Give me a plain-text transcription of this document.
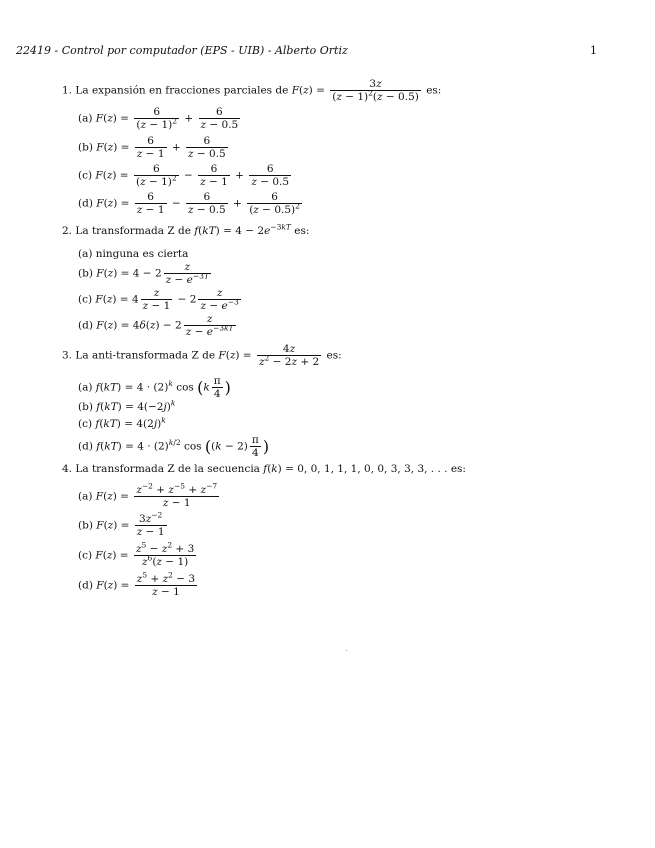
22419 - Control por computador (EPS - UIB) - Alberto Ortiz	1
1. La expansión en fracciones parciales de $F(z) = \frac{3z}{(z - 1)^2(z - 0.5)}$ es:
(a) $F(z) = \frac{6}{(z - 1)^2} + \frac{6}{z - 0.5}$
(b) $F(z) = \frac{6}{z - 1} + \frac{6}{z - 0.5}$
(c) $F(z) = \frac{6}{(z - 1)^2} - \frac{6}{z - 1} + \frac{6}{z - 0.5}$
(d) $F(z) = \frac{6}{z - 1} - \frac{6}{z - 0.5} + \frac{6}{(z - 0.5)^2}$
2. La transformada Z de $f(kT) = 4 - 2e^{-3kT}$ es:
(a) ninguna es cierta
(b) $F(z) = 4 - 2 \frac{z}{z - e^{-3T}}$
(c) $F(z) = 4 \frac{z}{z - 1} - 2 \frac{z}{z - e^{-3}}$
(d) $F(z) = 4\delta(z) - 2 \frac{z}{z - e^{-3kT}}$
3. La anti-transformada Z de $F(z) = \frac{4z}{z^2 - 2z + 2}$ es:
(a) $f(kT) = 4 \cdot (2)^k$ $\cos (k \frac{\pi}{4}$ )
(b) $f(kT) = 4(-2j)^k$
(c) $f(kT) = 4(2j)^k$
(d) $f(kT) = 4 \cdot (2)^{k/2}$ $\cos ((k - 2) \frac{\pi}{4}$ )
4. La transformada Z de la secuencia f(k) = 0, 0, 1, 1, 1, 0, 0, 3, 3, 3, . . . es:
(a) $F(z) = \frac{z^{-2} + z^{-5} + z^{-7}}{z - 1}$
(b) $F(z) = \frac{3z^{-2}}{z - 1}$
(c) $F(z) = \frac{z^5 - z^2 + 3}{z^6(z - 1)}$
(d) $F(z) = \frac{z^5 + z^2 - 3}{z - 1}$
